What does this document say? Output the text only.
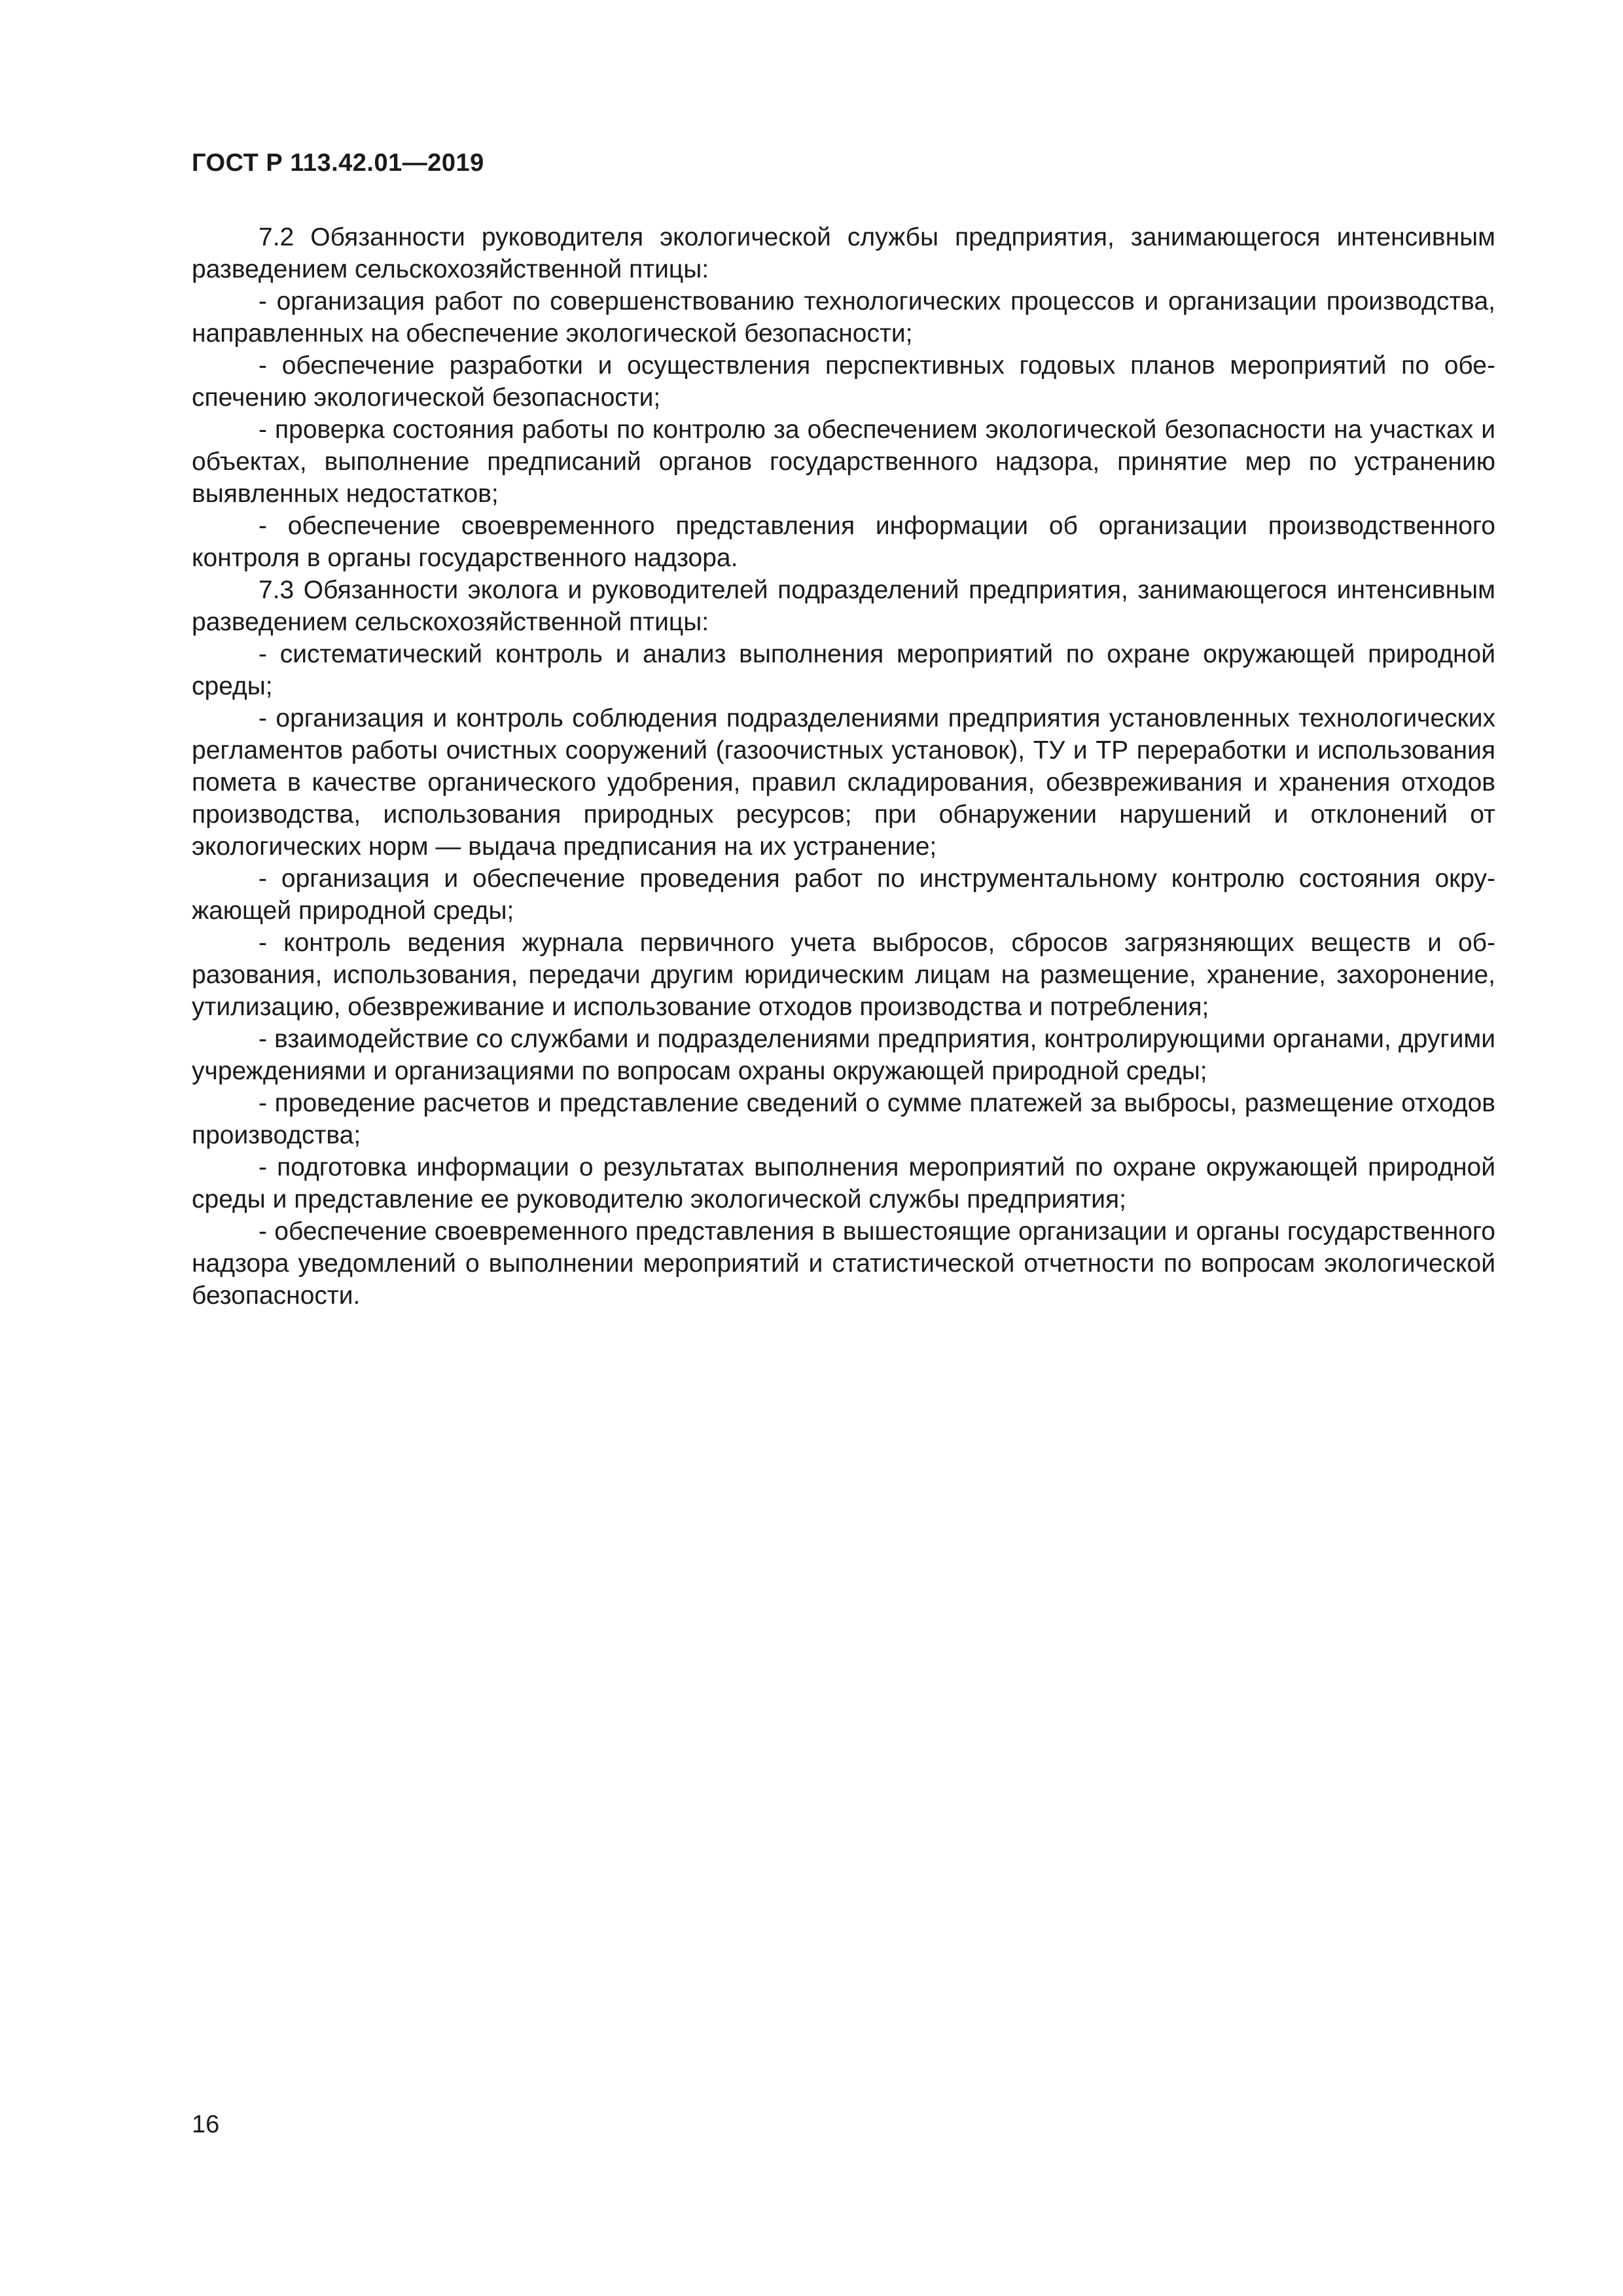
ГОСТ Р 113.42.01—2019

7.2 Обязанности руководителя экологической службы предприятия, занимающегося интенсивным разведением сельскохозяйственной птицы:

- организация работ по совершенствованию технологических процессов и организации производства, направленных на обеспечение экологической безопасности;

- обеспечение разработки и осуществления перспективных годовых планов мероприятий по обеспечению экологической безопасности;

- проверка состояния работы по контролю за обеспечением экологической безопасности на участках и объектах, выполнение предписаний органов государственного надзора, принятие мер по устранению выявленных недостатков;

- обеспечение своевременного представления информации об организации производственного контроля в органы государственного надзора.

7.3 Обязанности эколога и руководителей подразделений предприятия, занимающегося интенсивным разведением сельскохозяйственной птицы:

- систематический контроль и анализ выполнения мероприятий по охране окружающей природной среды;

- организация и контроль соблюдения подразделениями предприятия установленных технологических регламентов работы очистных сооружений (газоочистных установок), ТУ и ТР переработки и использования помета в качестве органического удобрения, правил складирования, обезвреживания и хранения отходов производства, использования природных ресурсов; при обнаружении нарушений и отклонений от экологических норм — выдача предписания на их устранение;

- организация и обеспечение проведения работ по инструментальному контролю состояния окружающей природной среды;

- контроль ведения журнала первичного учета выбросов, сбросов загрязняющих веществ и образования, использования, передачи другим юридическим лицам на размещение, хранение, захоронение, утилизацию, обезвреживание и использование отходов производства и потребления;

- взаимодействие со службами и подразделениями предприятия, контролирующими органами, другими учреждениями и организациями по вопросам охраны окружающей природной среды;

- проведение расчетов и представление сведений о сумме платежей за выбросы, размещение отходов производства;

- подготовка информации о результатах выполнения мероприятий по охране окружающей природной среды и представление ее руководителю экологической службы предприятия;

- обеспечение своевременного представления в вышестоящие организации и органы государственного надзора уведомлений о выполнении мероприятий и статистической отчетности по вопросам экологической безопасности.

16
